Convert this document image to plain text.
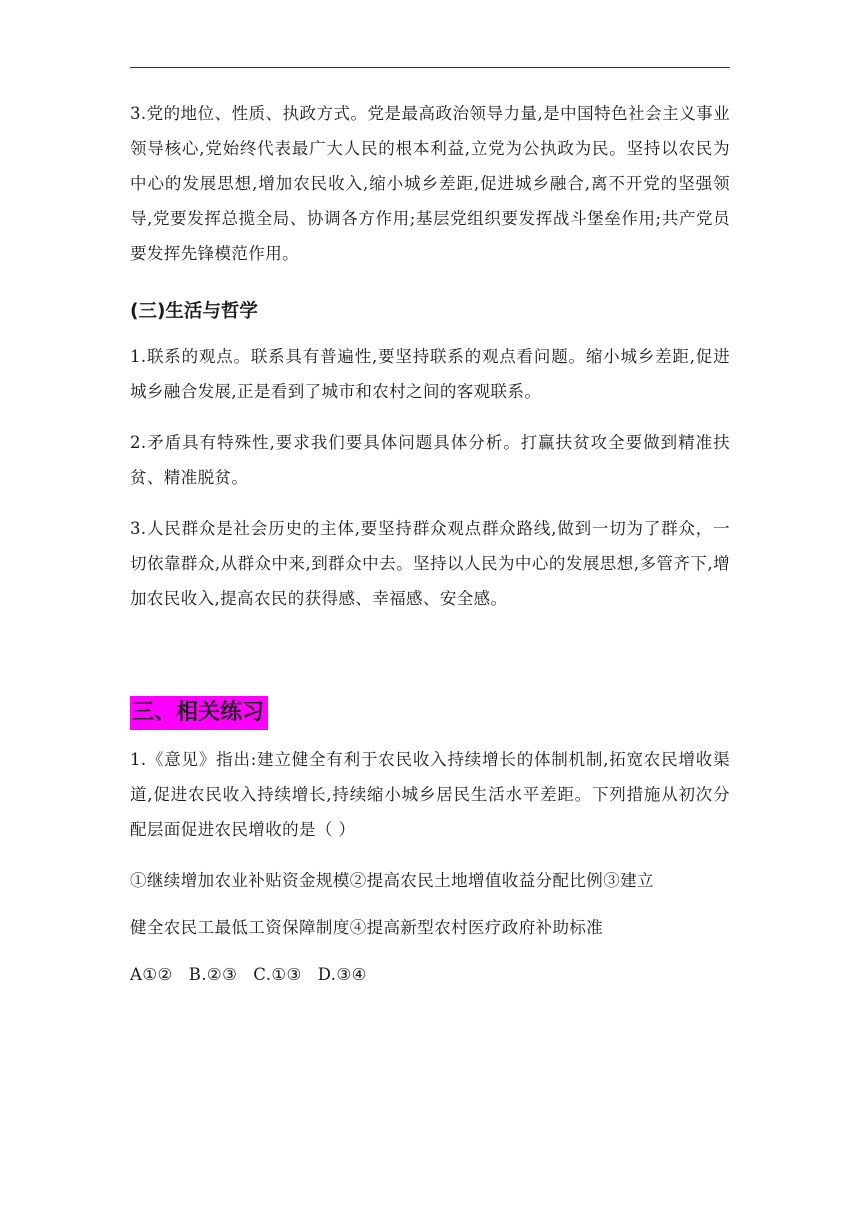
3.党的地位、性质、执政方式。党是最高政治领导力量,是中国特色社会主义事业领导核心,党始终代表最广大人民的根本利益,立党为公执政为民。坚持以农民为中心的发展思想,增加农民收入,缩小城乡差距,促进城乡融合,离不开党的坚强领导,党要发挥总揽全局、协调各方作用;基层党组织要发挥战斗堡垒作用;共产党员要发挥先锋模范作用。

(三)生活与哲学

1.联系的观点。联系具有普遍性,要坚持联系的观点看问题。缩小城乡差距,促进城乡融合发展,正是看到了城市和农村之间的客观联系。

2.矛盾具有特殊性,要求我们要具体问题具体分析。打赢扶贫攻全要做到精准扶贫、精准脱贫。

3.人民群众是社会历史的主体,要坚持群众观点群众路线,做到一切为了群众，一切依靠群众,从群众中来,到群众中去。坚持以人民为中心的发展思想,多管齐下,增加农民收入,提高农民的获得感、幸福感、安全感。

三、相关练习

1.《意见》指出:建立健全有利于农民收入持续增长的体制机制,拓宽农民增收渠道,促进农民收入持续增长,持续缩小城乡居民生活水平差距。下列措施从初次分配层面促进农民增收的是（ ）

①继续增加农业补贴资金规模②提高农民土地增值收益分配比例③建立

健全农民工最低工资保障制度④提高新型农村医疗政府补助标准

A①② B.②③ C.①③ D.③④
